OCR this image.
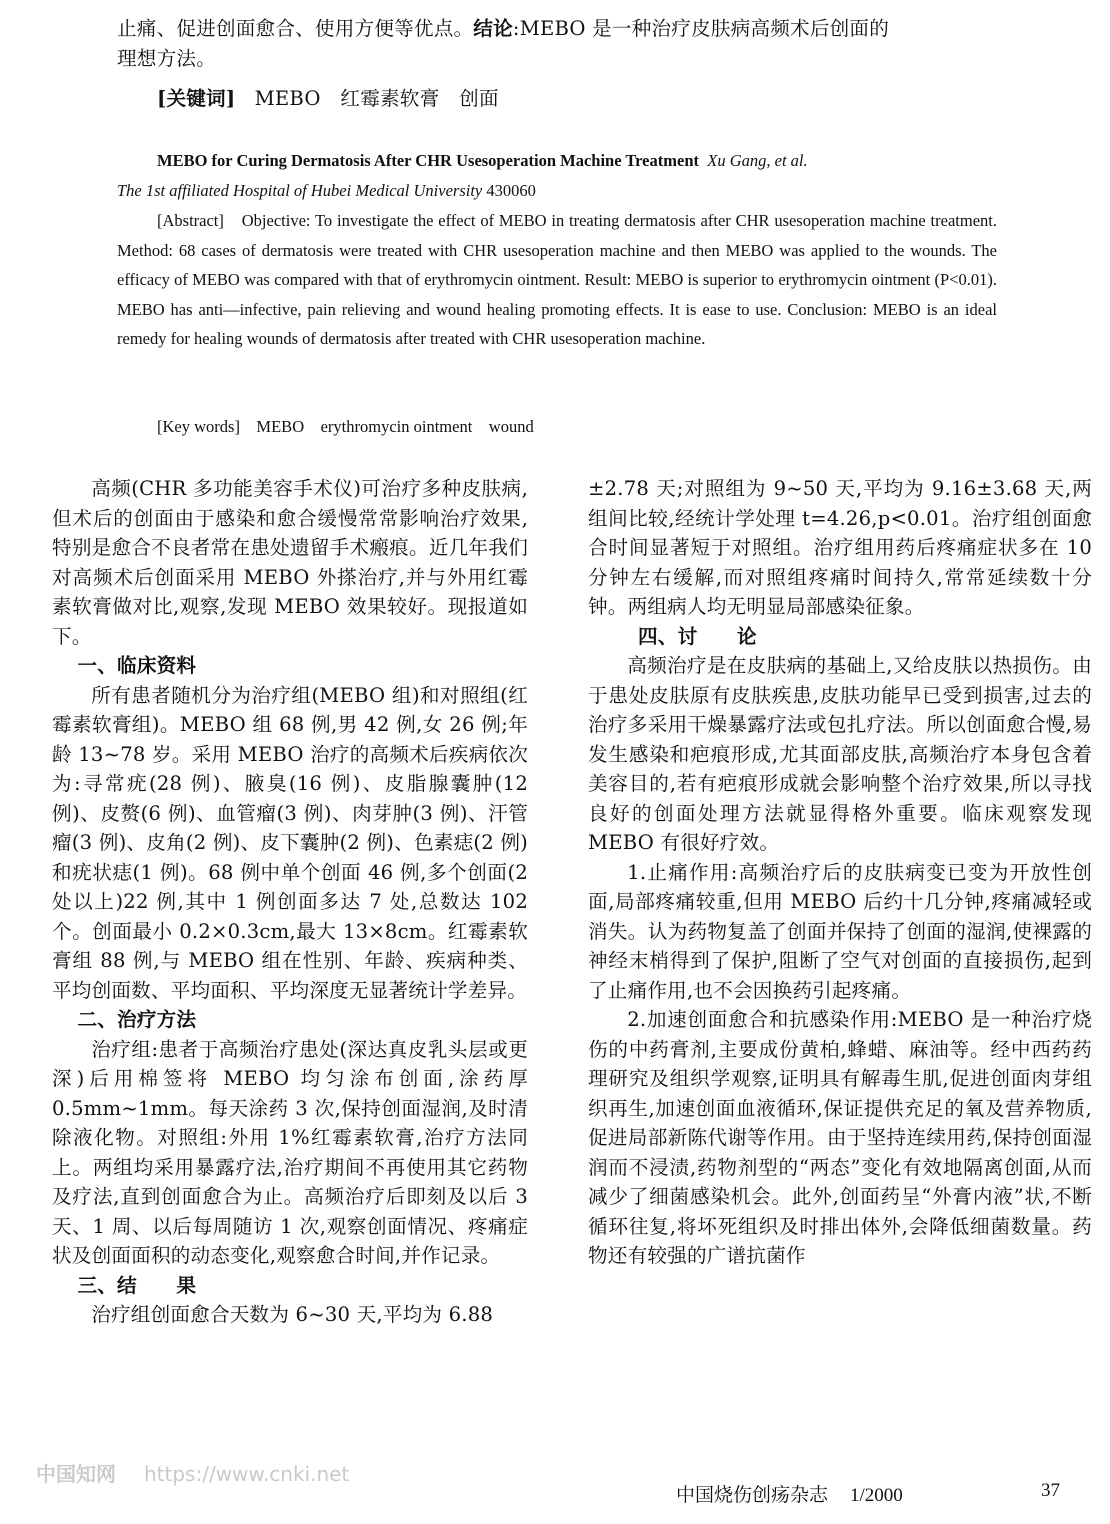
止痛、促进创面愈合、使用方便等优点。结论:MEBO 是一种治疗皮肤病高频术后创面的
理想方法。
[关键词] MEBO　红霉素软膏　创面
MEBO for Curing Dermatosis After CHR Usesoperation Machine Treatment Xu Gang, et al.
The 1st affiliated Hospital of Hubei Medical University 430060
[Abstract]　Objective: To investigate the effect of MEBO in treating dermatosis after CHR usesoperation machine treatment. Method: 68 cases of dermatosis were treated with CHR usesoperation machine and then MEBO was applied to the wounds. The efficacy of MEBO was compared with that of erythromycin ointment. Result: MEBO is superior to erythromycin ointment (P<0.01). MEBO has anti—infective, pain relieving and wound healing promoting effects. It is ease to use. Conclusion: MEBO is an ideal remedy for healing wounds of dermatosis after treated with CHR usesoperation machine.
[Key words]　MEBO　erythromycin ointment　wound

高频(CHR 多功能美容手术仪)可治疗多种皮肤病,但术后的创面由于感染和愈合缓慢常常影响治疗效果,特别是愈合不良者常在患处遗留手术瘢痕。近几年我们对高频术后创面采用 MEBO 外搽治疗,并与外用红霉素软膏做对比,观察,发现 MEBO 效果较好。现报道如下。

一、临床资料

所有患者随机分为治疗组(MEBO 组)和对照组(红霉素软膏组)。MEBO 组 68 例,男 42 例,女 26 例;年龄 13~78 岁。采用 MEBO 治疗的高频术后疾病依次为:寻常疣(28 例)、腋臭(16 例)、皮脂腺囊肿(12 例)、皮赘(6 例)、血管瘤(3 例)、肉芽肿(3 例)、汗管瘤(3 例)、皮角(2 例)、皮下囊肿(2 例)、色素痣(2 例)和疣状痣(1 例)。68 例中单个创面 46 例,多个创面(2 处以上)22 例,其中 1 例创面多达 7 处,总数达 102 个。创面最小 0.2×0.3cm,最大 13×8cm。红霉素软膏组 88 例,与 MEBO 组在性别、年龄、疾病种类、平均创面数、平均面积、平均深度无显著统计学差异。

二、治疗方法

治疗组:患者于高频治疗患处(深达真皮乳头层或更深)后用棉签将 MEBO 均匀涂布创面,涂药厚 0.5mm~1mm。每天涂药 3 次,保持创面湿润,及时清除液化物。对照组:外用 1%红霉素软膏,治疗方法同上。两组均采用暴露疗法,治疗期间不再使用其它药物及疗法,直到创面愈合为止。高频治疗后即刻及以后 3 天、1 周、以后每周随访 1 次,观察创面情况、疼痛症状及创面面积的动态变化,观察愈合时间,并作记录。

三、结　　果

治疗组创面愈合天数为 6~30 天,平均为 6.88

±2.78 天;对照组为 9~50 天,平均为 9.16±3.68 天,两组间比较,经统计学处理 t=4.26,p<0.01。治疗组创面愈合时间显著短于对照组。治疗组用药后疼痛症状多在 10 分钟左右缓解,而对照组疼痛时间持久,常常延续数十分钟。两组病人均无明显局部感染征象。

四、讨　　论

高频治疗是在皮肤病的基础上,又给皮肤以热损伤。由于患处皮肤原有皮肤疾患,皮肤功能早已受到损害,过去的治疗多采用干燥暴露疗法或包扎疗法。所以创面愈合慢,易发生感染和疤痕形成,尤其面部皮肤,高频治疗本身包含着美容目的,若有疤痕形成就会影响整个治疗效果,所以寻找良好的创面处理方法就显得格外重要。临床观察发现 MEBO 有很好疗效。

1.止痛作用:高频治疗后的皮肤病变已变为开放性创面,局部疼痛较重,但用 MEBO 后约十几分钟,疼痛减轻或消失。认为药物复盖了创面并保持了创面的湿润,使裸露的神经末梢得到了保护,阻断了空气对创面的直接损伤,起到了止痛作用,也不会因换药引起疼痛。

2.加速创面愈合和抗感染作用:MEBO 是一种治疗烧伤的中药膏剂,主要成份黄柏,蜂蜡、麻油等。经中西药药理研究及组织学观察,证明具有解毒生肌,促进创面肉芽组织再生,加速创面血液循环,保证提供充足的氧及营养物质,促进局部新陈代谢等作用。由于坚持连续用药,保持创面湿润而不浸渍,药物剂型的“两态”变化有效地隔离创面,从而减少了细菌感染机会。此外,创面药呈“外膏内液”状,不断循环往复,将坏死组织及时排出体外,会降低细菌数量。药物还有较强的广谱抗菌作

中国知网 https://www.cnki.net
中国烧伤创疡杂志 1/2000	37
